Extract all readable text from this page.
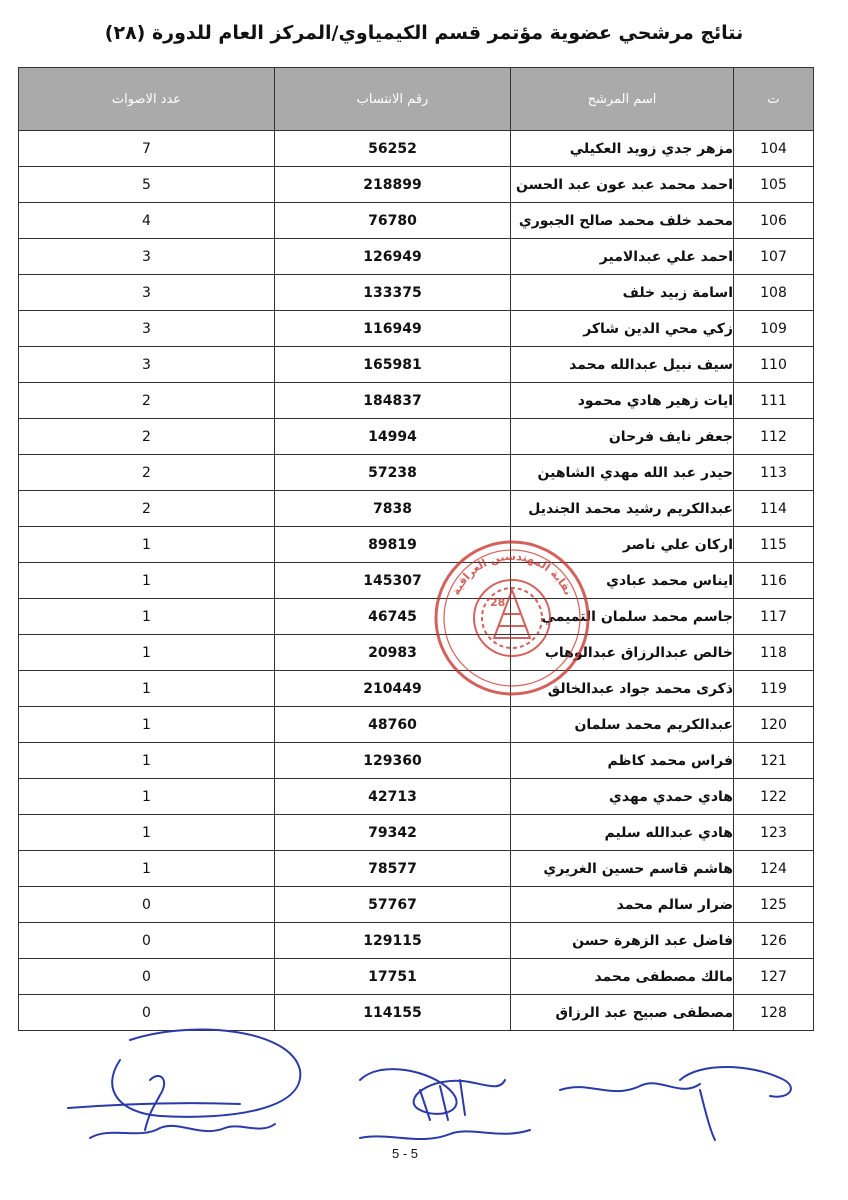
نتائج مرشحي عضوية مؤتمر قسم الكيمياوي/المركز العام للدورة (٢٨)
ت	اسم المرشح	رقم الانتساب	عدد الاصوات
104	مزهر جدي زويد العكيلي	56252	7
105	احمد محمد عبد عون عبد الحسن	218899	5
106	محمد خلف محمد صالح الجبوري	76780	4
107	احمد علي عبدالامير	126949	3
108	اسامة زبيد خلف	133375	3
109	زكي محي الدين شاكر	116949	3
110	سيف نبيل عبدالله محمد	165981	3
111	ايات زهير هادي محمود	184837	2
112	جعفر نايف فرحان	14994	2
113	حيدر عبد الله مهدي الشاهين	57238	2
114	عبدالكريم رشيد محمد الجنديل	7838	2
115	اركان علي ناصر	89819	1
116	ايناس محمد عبادي	145307	1
117	جاسم محمد سلمان التميمي	46745	1
118	خالص عبدالرزاق عبدالوهاب	20983	1
119	ذكرى محمد جواد عبدالخالق	210449	1
120	عبدالكريم محمد سلمان	48760	1
121	فراس محمد كاظم	129360	1
122	هادي حمدي مهدي	42713	1
123	هادي عبدالله سليم	79342	1
124	هاشم قاسم حسين الغريري	78577	1
125	ضرار سالم محمد	57767	0
126	فاضل عبد الزهرة حسن	129115	0
127	مالك مصطفى محمد	17751	0
128	مصطفى صبيح عبد الرزاق	114155	0
نقابة المهندسين العراقية
28
5 - 5
